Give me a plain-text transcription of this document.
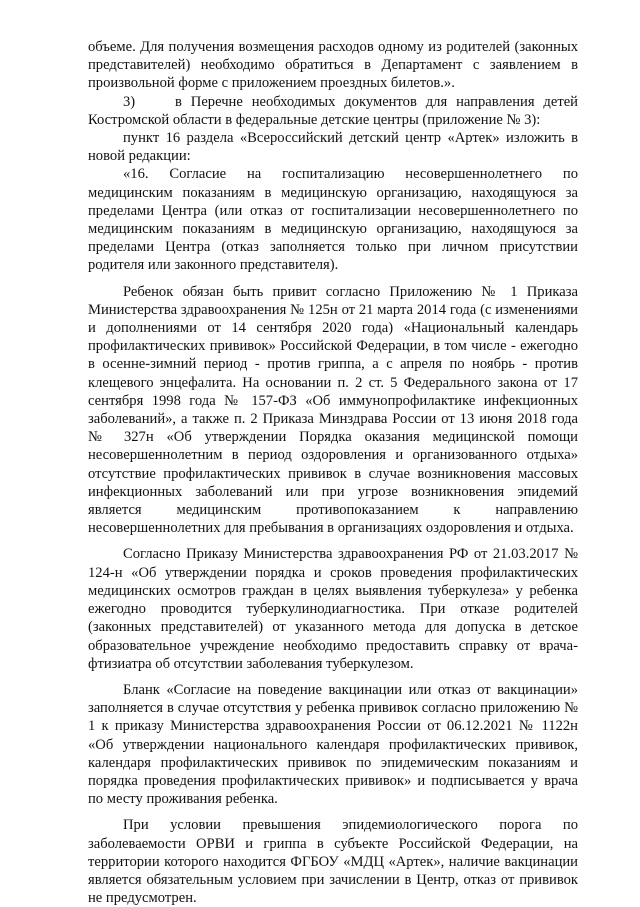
объеме. Для получения возмещения расходов одному из родителей (законных представителей) необходимо обратиться в Департамент с заявлением в произвольной форме с приложением проездных билетов.».

3)	в Перечне необходимых документов для направления детей Костромской области в федеральные детские центры (приложение № 3):

пункт 16 раздела «Всероссийский детский центр «Артек» изложить в новой редакции:

«16. Согласие на госпитализацию несовершеннолетнего по медицинским показаниям в медицинскую организацию, находящуюся за пределами Центра (или отказ от госпитализации несовершеннолетнего по медицинским показаниям в медицинскую организацию, находящуюся за пределами Центра (отказ заполняется только при личном присутствии родителя или законного представителя).

Ребенок обязан быть привит согласно Приложению № 1 Приказа Министерства здравоохранения № 125н от 21 марта 2014 года (с изменениями и дополнениями от 14 сентября 2020 года) «Национальный календарь профилактических прививок» Российской Федерации, в том числе - ежегодно в осенне-зимний период - против гриппа, а с апреля по ноябрь - против клещевого энцефалита. На основании п. 2 ст. 5 Федерального закона от 17 сентября 1998 года № 157-ФЗ «Об иммунопрофилактике инфекционных заболеваний», а также п. 2 Приказа Минздрава России от 13 июня 2018 года № 327н «Об утверждении Порядка оказания медицинской помощи несовершеннолетним в период оздоровления и организованного отдыха» отсутствие профилактических прививок в случае возникновения массовых инфекционных заболеваний или при угрозе возникновения эпидемий является медицинским противопоказанием к направлению несовершеннолетних для пребывания в организациях оздоровления и отдыха.

Согласно Приказу Министерства здравоохранения РФ от 21.03.2017 № 124-н «Об утверждении порядка и сроков проведения профилактических медицинских осмотров граждан в целях выявления туберкулеза» у ребенка ежегодно проводится туберкулинодиагностика. При отказе родителей (законных представителей) от указанного метода для допуска в детское образовательное учреждение необходимо предоставить справку от врача-фтизиатра об отсутствии заболевания туберкулезом.

Бланк «Согласие на поведение вакцинации или отказ от вакцинации» заполняется в случае отсутствия у ребенка прививок согласно приложению № 1 к приказу Министерства здравоохранения России от 06.12.2021 № 1122н «Об утверждении национального календаря профилактических прививок, календаря профилактических прививок по эпидемическим показаниям и порядка проведения профилактических прививок» и подписывается у врача по месту проживания ребенка.

При условии превышения эпидемиологического порога по заболеваемости ОРВИ и гриппа в субъекте Российской Федерации, на территории которого находится ФГБОУ «МДЦ «Артек», наличие вакцинации является обязательным условием при зачислении в Центр, отказ от прививок не предусмотрен.
